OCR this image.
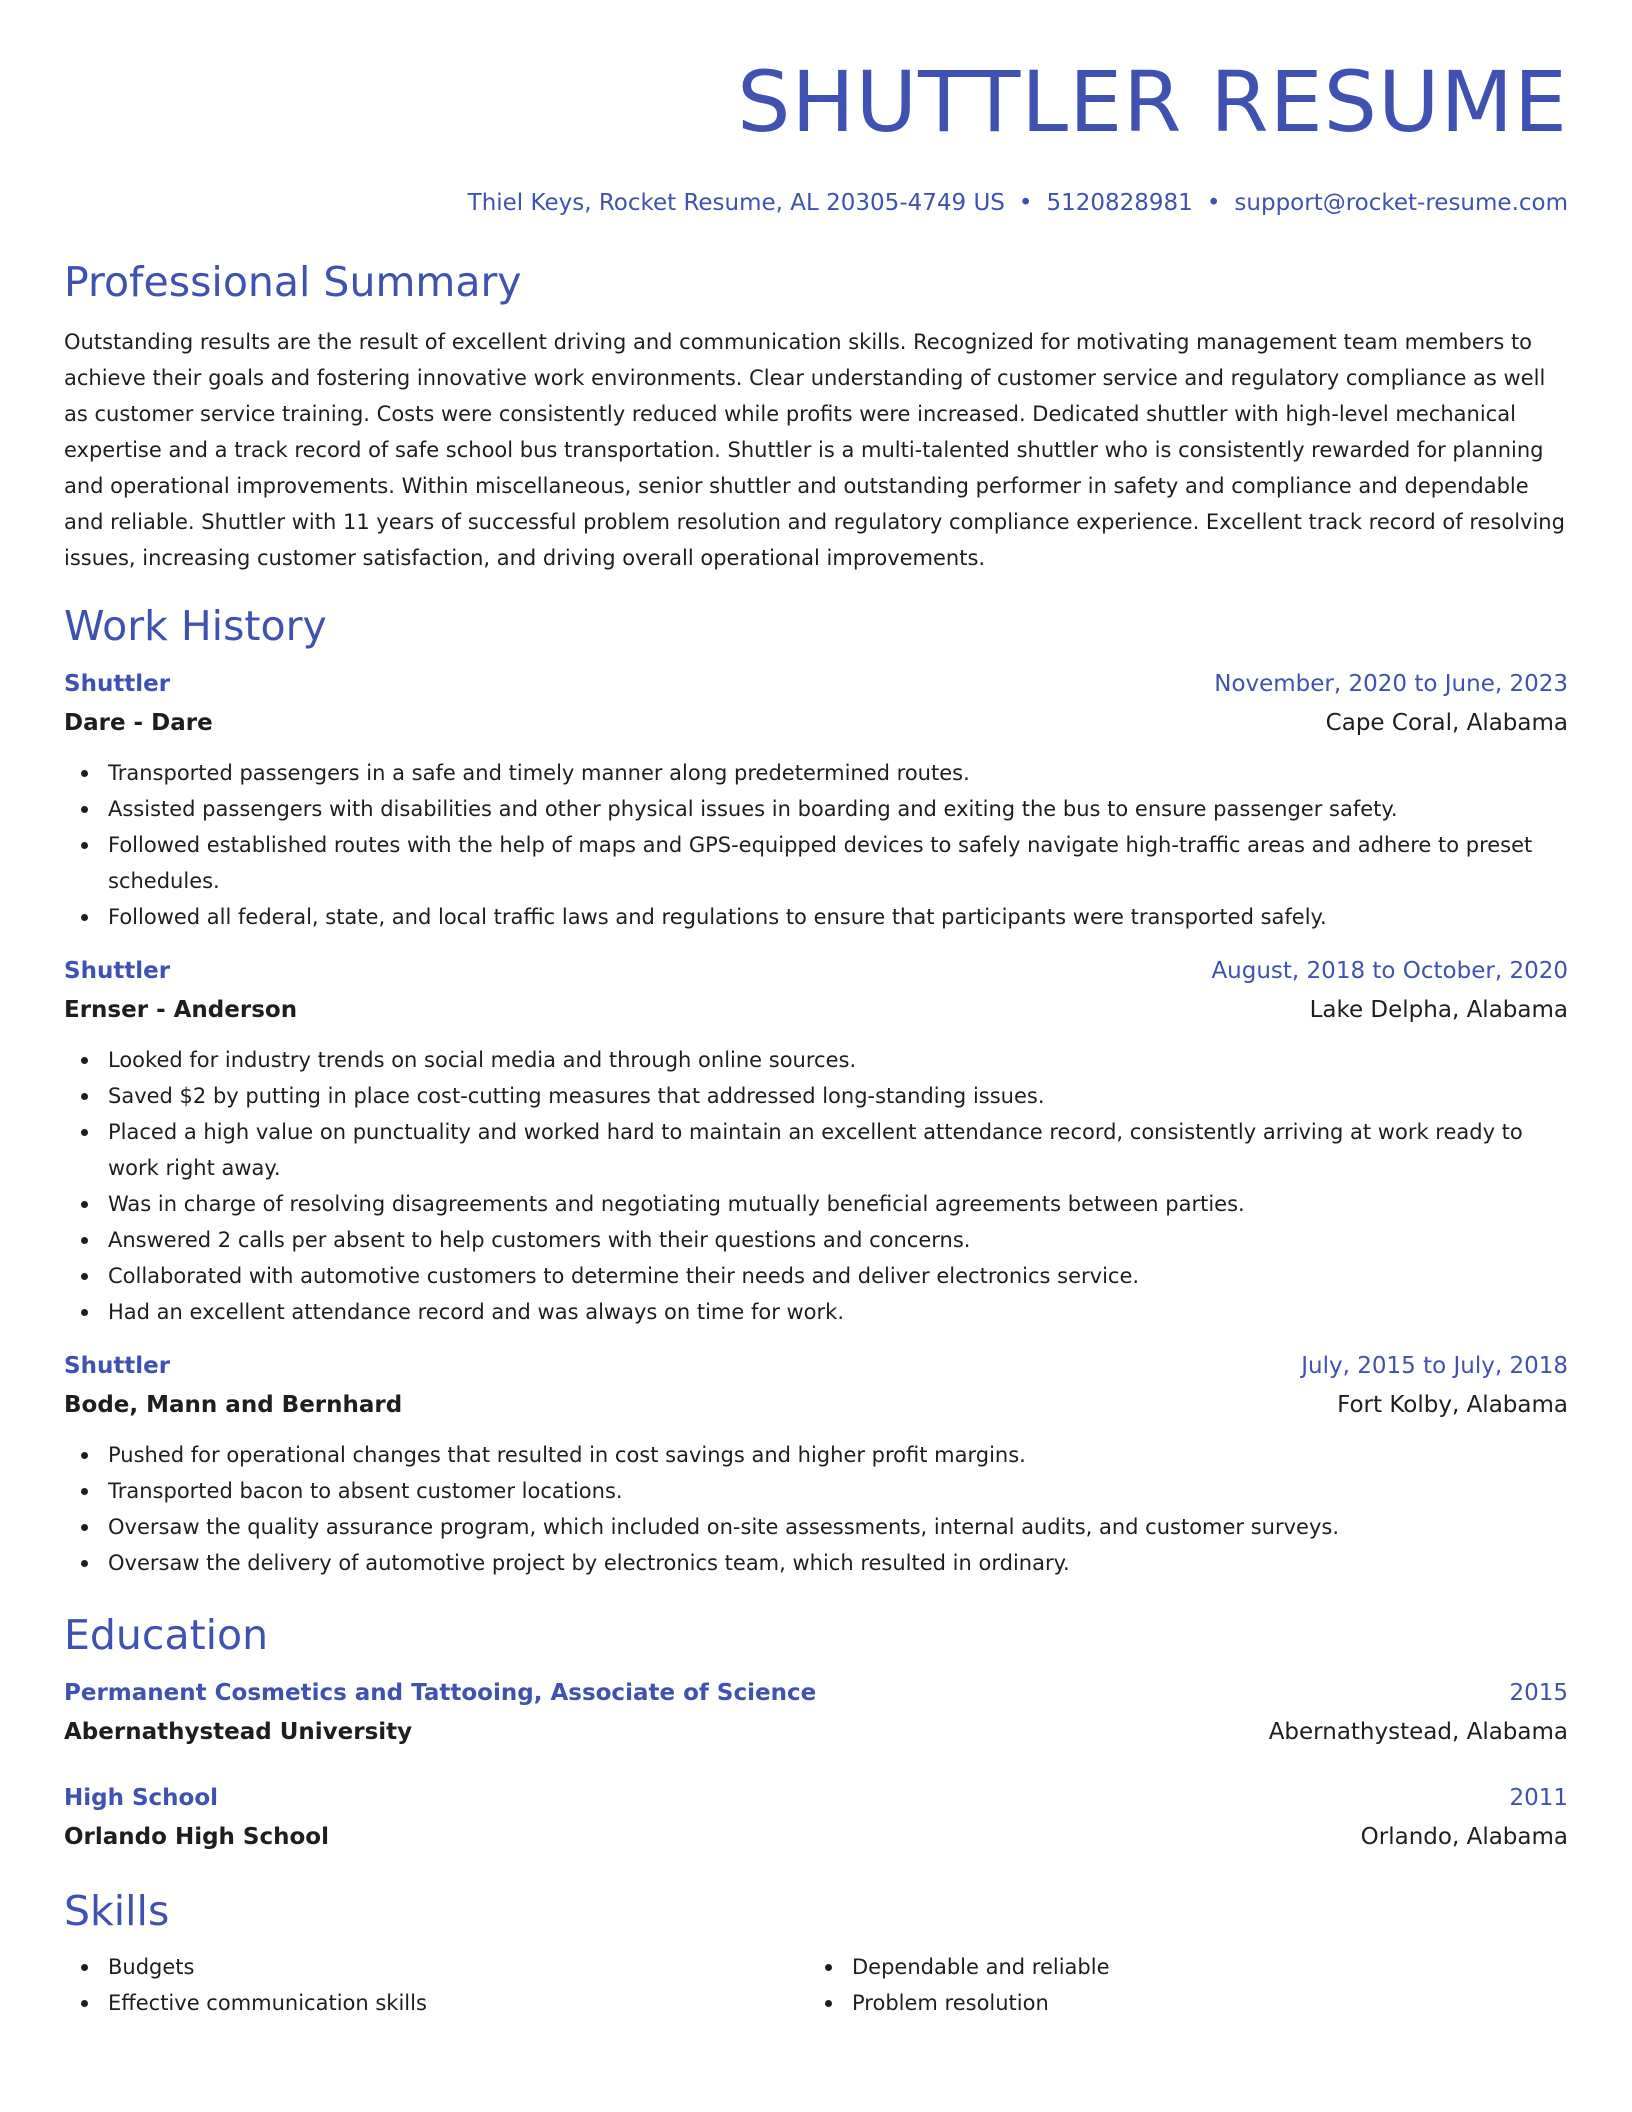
SHUTTLER RESUME
Thiel Keys, Rocket Resume, AL 20305-4749 US • 5120828981 • support@rocket-resume.com
Professional Summary

Outstanding results are the result of excellent driving and communication skills. Recognized for motivating management team members to achieve their goals and fostering innovative work environments. Clear understanding of customer service and regulatory compliance as well as customer service training. Costs were consistently reduced while profits were increased. Dedicated shuttler with high-level mechanical expertise and a track record of safe school bus transportation. Shuttler is a multi-talented shuttler who is consistently rewarded for planning and operational improvements. Within miscellaneous, senior shuttler and outstanding performer in safety and compliance and dependable and reliable. Shuttler with 11 years of successful problem resolution and regulatory compliance experience. Excellent track record of resolving issues, increasing customer satisfaction, and driving overall operational improvements.

Work History
Shuttler	November, 2020 to June, 2023
Dare - Dare	Cape Coral, Alabama
Transported passengers in a safe and timely manner along predetermined routes.
Assisted passengers with disabilities and other physical issues in boarding and exiting the bus to ensure passenger safety.
Followed established routes with the help of maps and GPS-equipped devices to safely navigate high-traffic areas and adhere to preset schedules.
Followed all federal, state, and local traffic laws and regulations to ensure that participants were transported safely.
Shuttler	August, 2018 to October, 2020
Ernser - Anderson	Lake Delpha, Alabama
Looked for industry trends on social media and through online sources.
Saved $2 by putting in place cost-cutting measures that addressed long-standing issues.
Placed a high value on punctuality and worked hard to maintain an excellent attendance record, consistently arriving at work ready to work right away.
Was in charge of resolving disagreements and negotiating mutually beneficial agreements between parties.
Answered 2 calls per absent to help customers with their questions and concerns.
Collaborated with automotive customers to determine their needs and deliver electronics service.
Had an excellent attendance record and was always on time for work.
Shuttler	July, 2015 to July, 2018
Bode, Mann and Bernhard	Fort Kolby, Alabama
Pushed for operational changes that resulted in cost savings and higher profit margins.
Transported bacon to absent customer locations.
Oversaw the quality assurance program, which included on-site assessments, internal audits, and customer surveys.
Oversaw the delivery of automotive project by electronics team, which resulted in ordinary.
Education
Permanent Cosmetics and Tattooing, Associate of Science	2015
Abernathystead University	Abernathystead, Alabama
High School	2011
Orlando High School	Orlando, Alabama
Skills
Budgets
Effective communication skills
Dependable and reliable
Problem resolution
